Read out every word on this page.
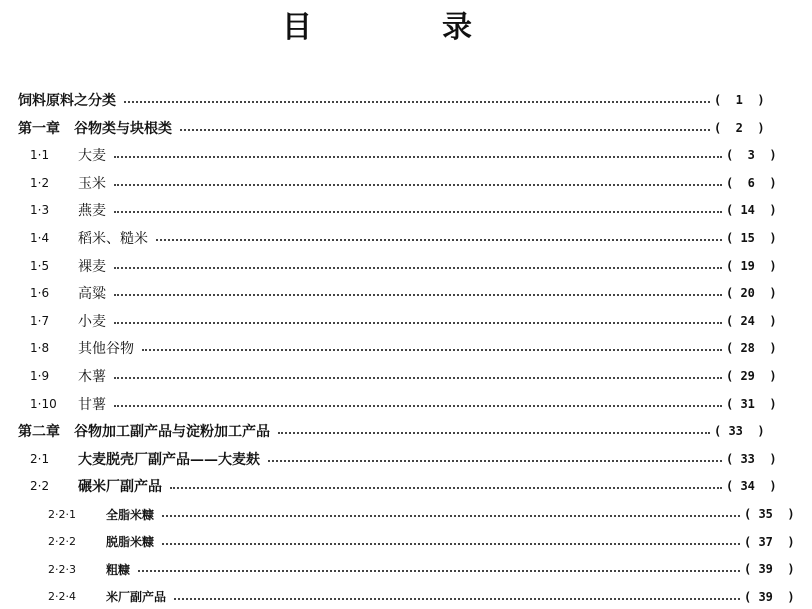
目　录
饲料原料之分类	(  1  )
第一章	谷物类与块根类	(  2  )
1·1	大麦	(  3  )
1·2	玉米	(  6  )
1·3	燕麦	( 14  )
1·4	稻米、糙米	( 15  )
1·5	裸麦	( 19  )
1·6	高粱	( 20  )
1·7	小麦	( 24  )
1·8	其他谷物	( 28  )
1·9	木薯	( 29  )
1·10	甘薯	( 31  )
第二章	谷物加工副产品与淀粉加工产品	( 33  )
2·1	大麦脱壳厂副产品——大麦麸	( 33  )
2·2	碾米厂副产品	( 34  )
2·2·1	全脂米糠	( 35  )
2·2·2	脱脂米糠	( 37  )
2·2·3	粗糠	( 39  )
2·2·4	米厂副产品	( 39  )
